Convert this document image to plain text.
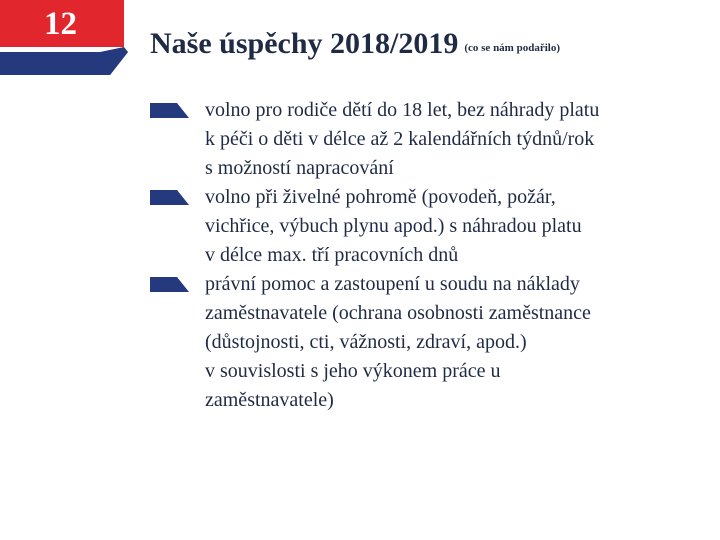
12
Naše úspěchy 2018/2019 (co se nám podařilo)
volno pro rodiče dětí do 18 let, bez náhrady platu
k péči o děti v délce až 2 kalendářních týdnů/rok
s možností napracování
volno při živelné pohromě (povodeň, požár,
vichřice, výbuch plynu apod.) s náhradou platu
v délce max. tří pracovních dnů
právní pomoc a zastoupení u soudu na náklady
zaměstnavatele (ochrana osobnosti zaměstnance
(důstojnosti, cti, vážnosti, zdraví, apod.)
v souvislosti s jeho výkonem práce u
zaměstnavatele)
